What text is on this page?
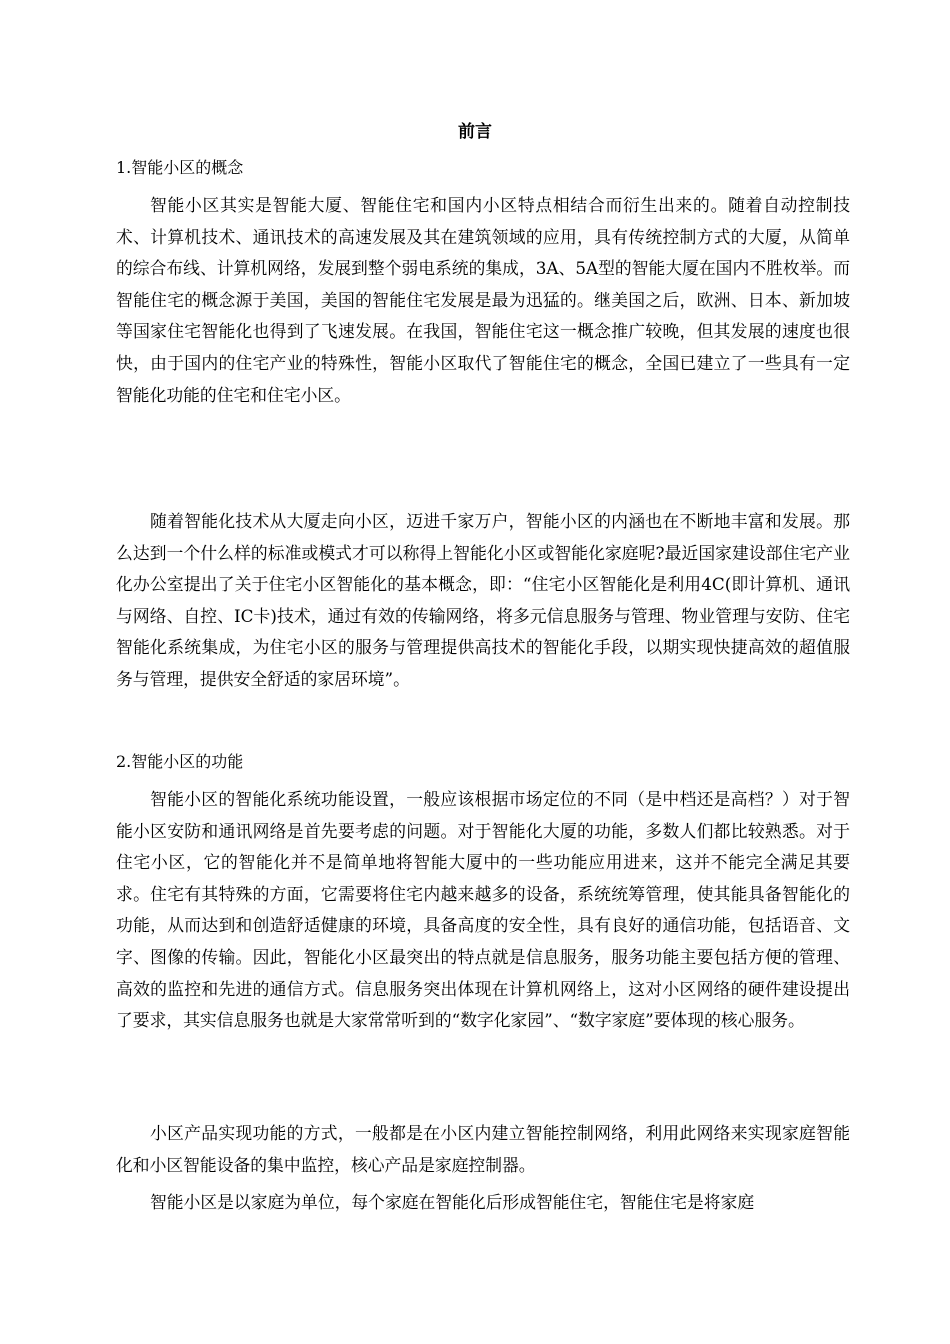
前言
1.智能小区的概念

智能小区其实是智能大厦、智能住宅和国内小区特点相结合而衍生出来的。随着自动控制技术、计算机技术、通讯技术的高速发展及其在建筑领域的应用，具有传统控制方式的大厦，从简单的综合布线、计算机网络，发展到整个弱电系统的集成，3A、5A型的智能大厦在国内不胜枚举。而智能住宅的概念源于美国，美国的智能住宅发展是最为迅猛的。继美国之后，欧洲、日本、新加坡等国家住宅智能化也得到了飞速发展。在我国，智能住宅这一概念推广较晚，但其发展的速度也很快，由于国内的住宅产业的特殊性，智能小区取代了智能住宅的概念，全国已建立了一些具有一定智能化功能的住宅和住宅小区。

随着智能化技术从大厦走向小区，迈进千家万户，智能小区的内涵也在不断地丰富和发展。那么达到一个什么样的标准或模式才可以称得上智能化小区或智能化家庭呢?最近国家建设部住宅产业化办公室提出了关于住宅小区智能化的基本概念，即：“住宅小区智能化是利用4C(即计算机、通讯与网络、自控、IC卡)技术，通过有效的传输网络，将多元信息服务与管理、物业管理与安防、住宅智能化系统集成，为住宅小区的服务与管理提供高技术的智能化手段，以期实现快捷高效的超值服务与管理，提供安全舒适的家居环境”。

2.智能小区的功能

智能小区的智能化系统功能设置，一般应该根据市场定位的不同（是中档还是高档？）对于智能小区安防和通讯网络是首先要考虑的问题。对于智能化大厦的功能，多数人们都比较熟悉。对于住宅小区，它的智能化并不是简单地将智能大厦中的一些功能应用进来，这并不能完全满足其要求。住宅有其特殊的方面，它需要将住宅内越来越多的设备，系统统筹管理，使其能具备智能化的功能，从而达到和创造舒适健康的环境，具备高度的安全性，具有良好的通信功能，包括语音、文字、图像的传输。因此，智能化小区最突出的特点就是信息服务，服务功能主要包括方便的管理、高效的监控和先进的通信方式。信息服务突出体现在计算机网络上，这对小区网络的硬件建设提出了要求，其实信息服务也就是大家常常听到的“数字化家园”、“数字家庭”要体现的核心服务。

小区产品实现功能的方式，一般都是在小区内建立智能控制网络，利用此网络来实现家庭智能化和小区智能设备的集中监控，核心产品是家庭控制器。

智能小区是以家庭为单位，每个家庭在智能化后形成智能住宅，智能住宅是将家庭
